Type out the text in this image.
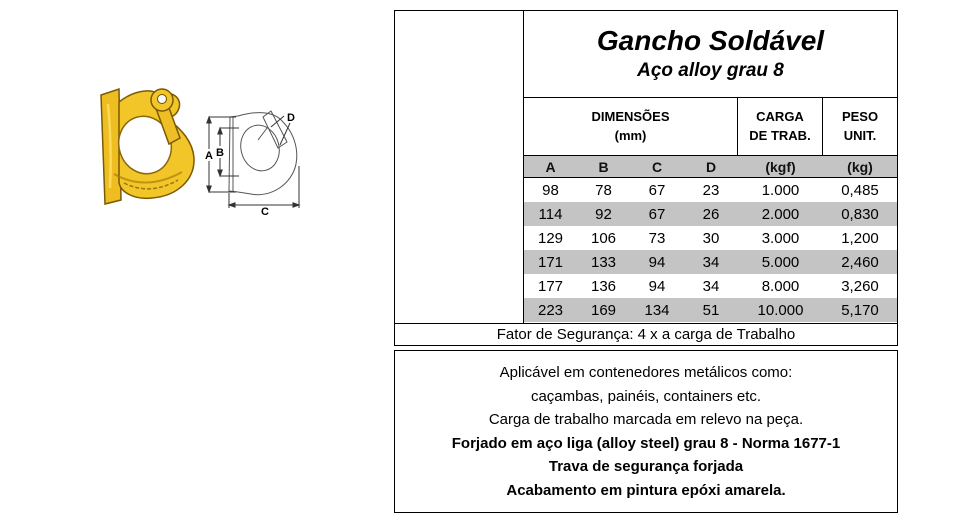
A B
C
D
Gancho Soldável
Aço alloy grau 8
DIMENSÕES
(mm)
CARGA DE TRAB.
PESO UNIT.
A	B	C	D	(kgf)	(kg)
98	78	67	23	1.000	0,485
114	92	67	26	2.000	0,830
129	106	73	30	3.000	1,200
171	133	94	34	5.000	2,460
177	136	94	34	8.000	3,260
223	169	134	51	10.000	5,170
Fator de Segurança: 4 x a carga de Trabalho
Aplicável em contenedores metálicos como:
caçambas, painéis, containers etc.
Carga de trabalho marcada em relevo na peça.
Forjado em aço liga (alloy steel) grau 8 - Norma 1677-1
Trava de segurança forjada
Acabamento em pintura epóxi amarela.
